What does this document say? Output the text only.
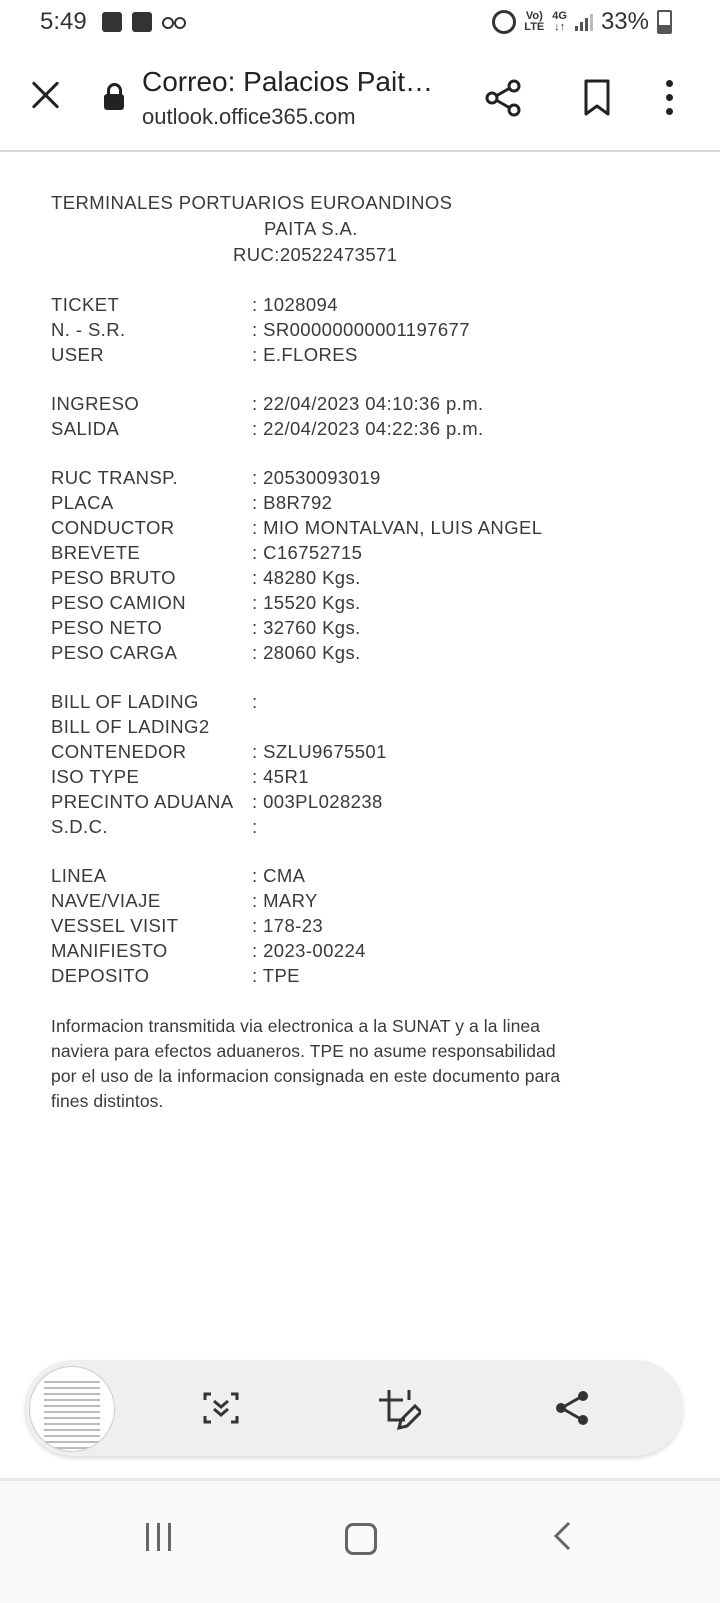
5:49	Vo)
LTE
4G
↓↑ 33%
Correo: Palacios Pait…
outlook.office365.com
TERMINALES PORTUARIOS EUROANDINOS
PAITA S.A.
RUC:20522473571
TICKET	: 1028094
N. - S.R.	: SR00000000001197677
USER	: E.FLORES
INGRESO	: 22/04/2023 04:10:36 p.m.
SALIDA	: 22/04/2023 04:22:36 p.m.
RUC TRANSP.	: 20530093019
PLACA	: B8R792
CONDUCTOR	: MIO MONTALVAN, LUIS ANGEL
BREVETE	: C16752715
PESO BRUTO	: 48280 Kgs.
PESO CAMION	: 15520 Kgs.
PESO NETO	: 32760 Kgs.
PESO CARGA	: 28060 Kgs.
BILL OF LADING	:
BILL OF LADING2
CONTENEDOR	: SZLU9675501
ISO TYPE	: 45R1
PRECINTO ADUANA	: 003PL028238
S.D.C.	:
LINEA	: CMA
NAVE/VIAJE	: MARY
VESSEL VISIT	: 178-23
MANIFIESTO	: 2023-00224
DEPOSITO	: TPE
Informacion transmitida via electronica a la SUNAT y a la linea naviera para efectos aduaneros. TPE no asume responsabilidad por el uso de la informacion consignada en este documento para fines distintos.
